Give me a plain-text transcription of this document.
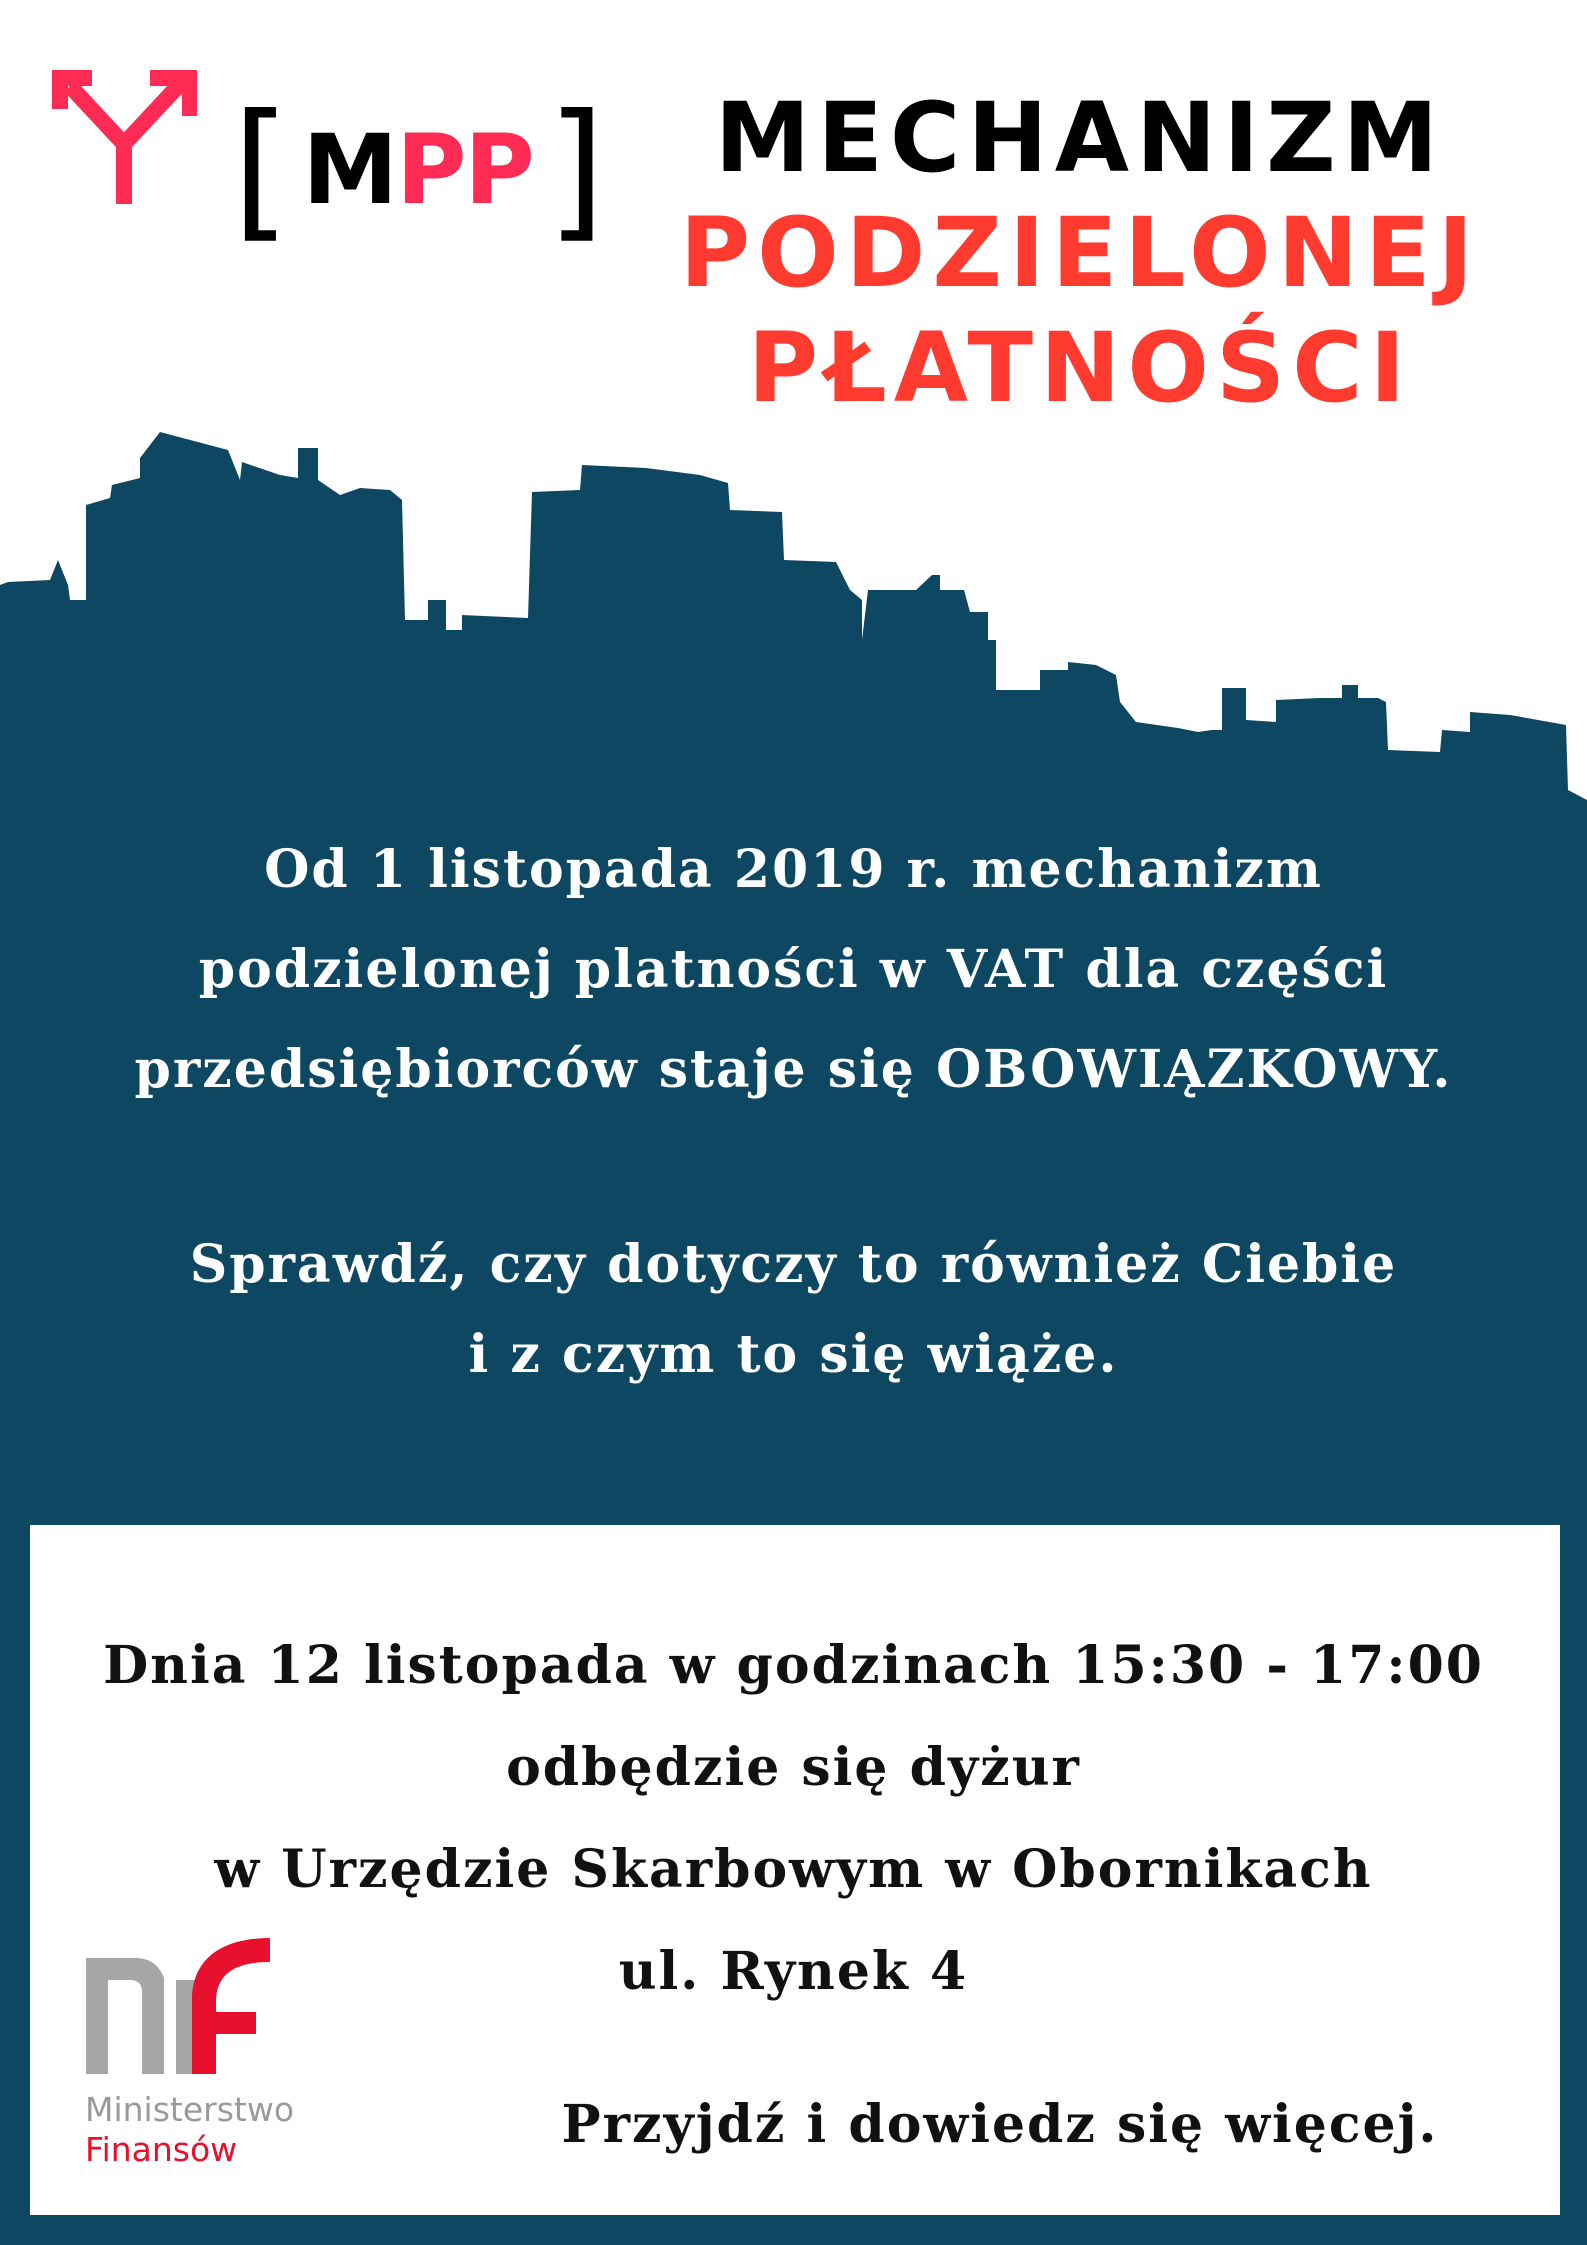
[ M PP ]	MECHANIZM
PODZIELONEJ
PŁATNOŚCI

Od 1 listopada 2019 r. mechanizm

podzielonej platności w VAT dla części

przedsiębiorców staje się OBOWIĄZKOWY.

Sprawdź, czy dotyczy to również Ciebie

i z czym to się wiąże.

Dnia 12 listopada w godzinach 15:30 - 17:00

odbędzie się dyżur

w Urzędzie Skarbowym w Obornikach

ul. Rynek 4

Przyjdź i dowiedz się więcej.
Ministerstwo
Finansów
